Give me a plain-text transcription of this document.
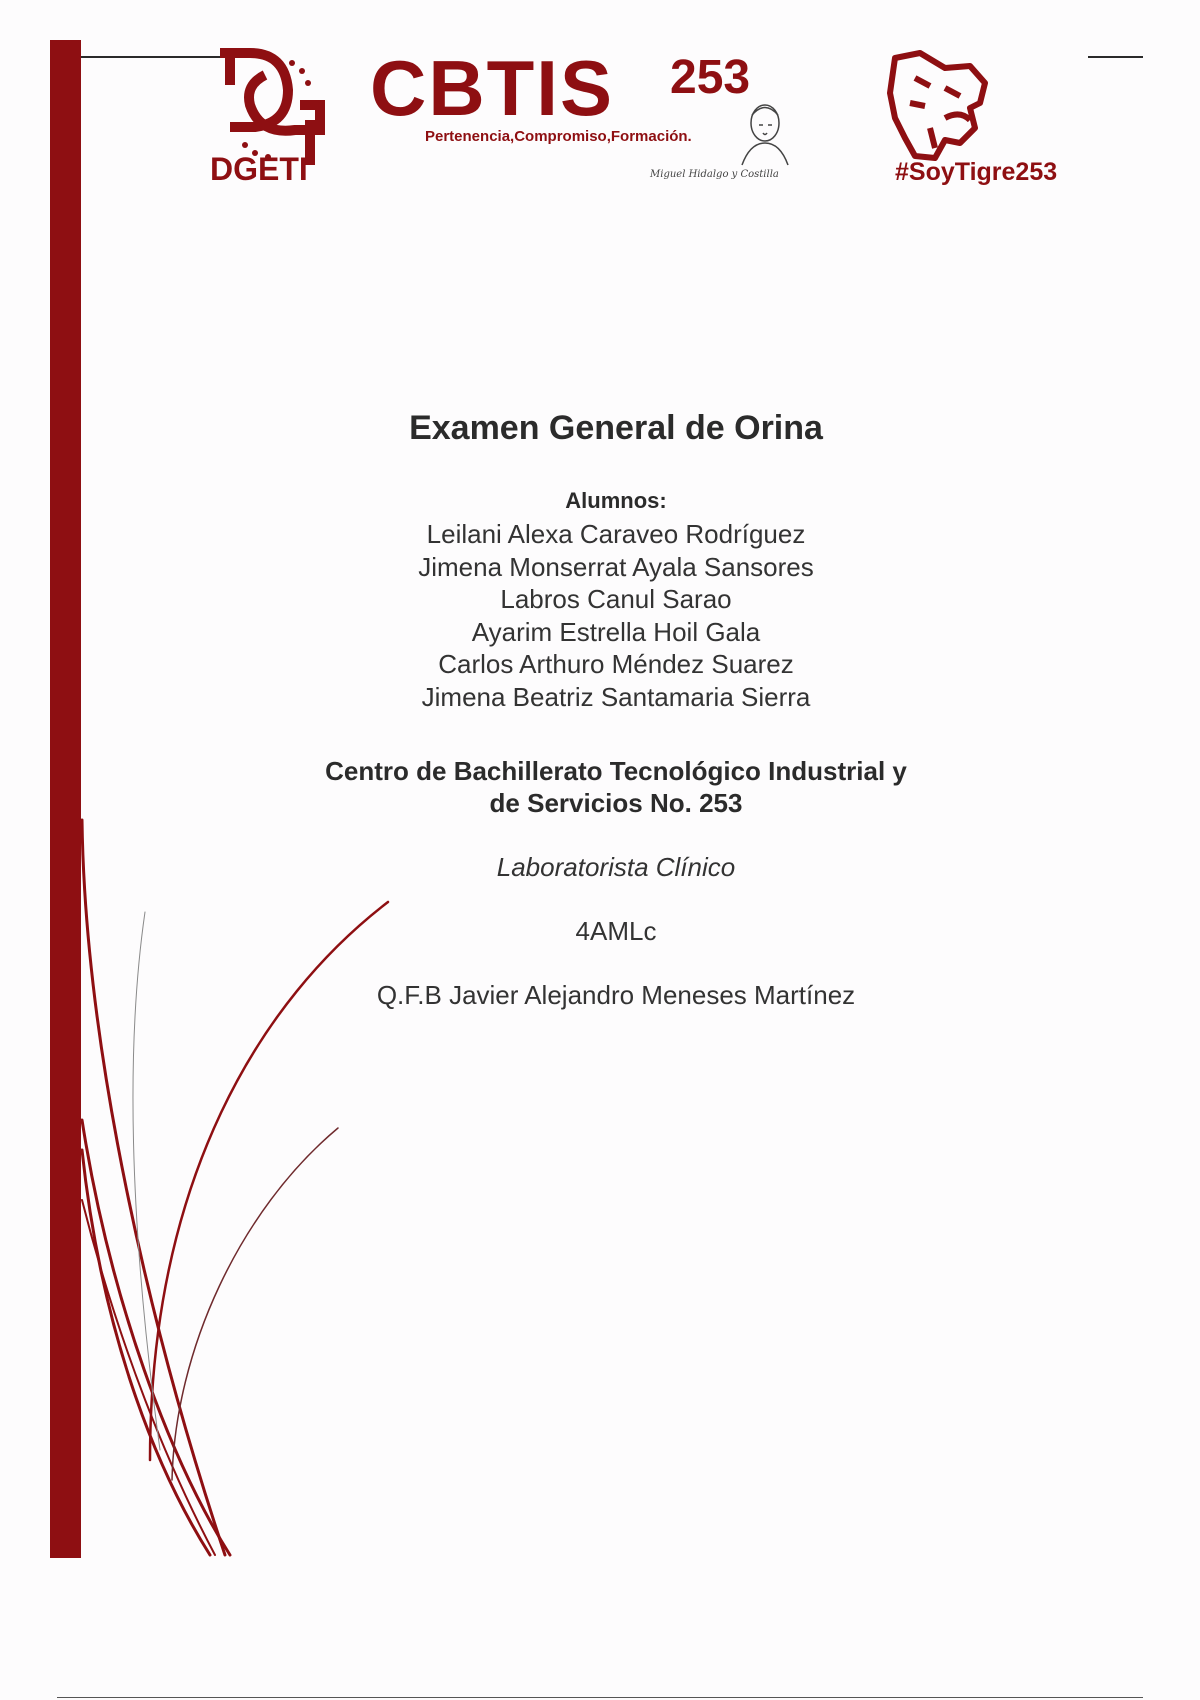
DGETI
CBTIS 253
Pertenencia,Compromiso,Formación.
Miguel Hidalgo y Costilla	#SoyTigre253
Examen General de Orina
Alumnos:
Leilani Alexa Caraveo Rodríguez
Jimena Monserrat Ayala Sansores
Labros Canul Sarao
Ayarim Estrella Hoil Gala
Carlos Arthuro Méndez Suarez
Jimena Beatriz Santamaria Sierra
Centro de Bachillerato Tecnológico Industrial y
de Servicios No. 253
Laboratorista Clínico
4AMLc
Q.F.B Javier Alejandro Meneses Martínez
